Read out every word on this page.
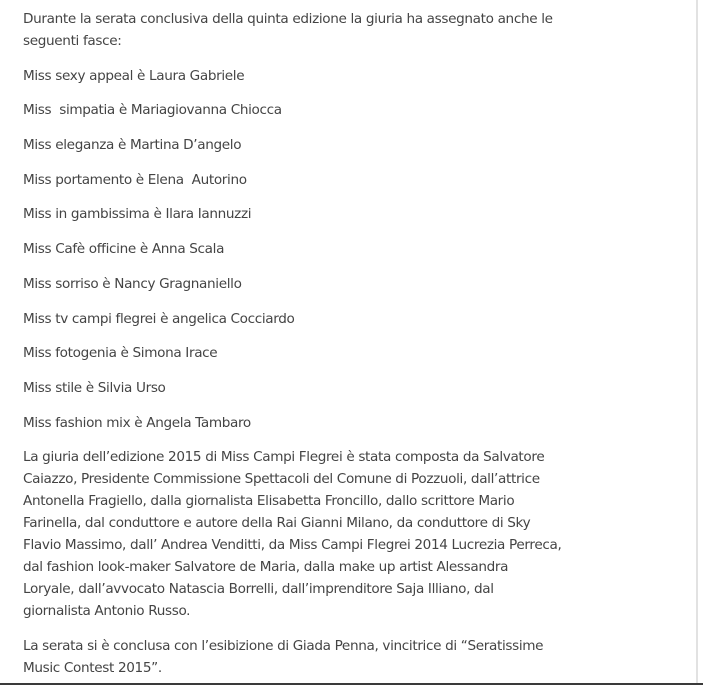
Durante la serata conclusiva della quinta edizione la giuria ha assegnato anche le seguenti fasce:

Miss sexy appeal è Laura Gabriele

Miss  simpatia è Mariagiovanna Chiocca

Miss eleganza è Martina D’angelo

Miss portamento è Elena  Autorino

Miss in gambissima è Ilara Iannuzzi

Miss Cafè officine è Anna Scala

Miss sorriso è Nancy Gragnaniello

Miss tv campi flegrei è angelica Cocciardo

Miss fotogenia è Simona Irace

Miss stile è Silvia Urso

Miss fashion mix è Angela Tambaro

La giuria dell’edizione 2015 di Miss Campi Flegrei è stata composta da Salvatore Caiazzo, Presidente Commissione Spettacoli del Comune di Pozzuoli, dall’attrice Antonella Fragiello, dalla giornalista Elisabetta Froncillo, dallo scrittore Mario Farinella, dal conduttore e autore della Rai Gianni Milano, da conduttore di Sky Flavio Massimo, dall’ Andrea Venditti, da Miss Campi Flegrei 2014 Lucrezia Perreca, dal fashion look-maker Salvatore de Maria, dalla make up artist Alessandra Loryale, dall’avvocato Natascia Borrelli, dall’imprenditore Saja Illiano, dal giornalista Antonio Russo.

La serata si è conclusa con l’esibizione di Giada Penna, vincitrice di “Seratissime Music Contest 2015”.
